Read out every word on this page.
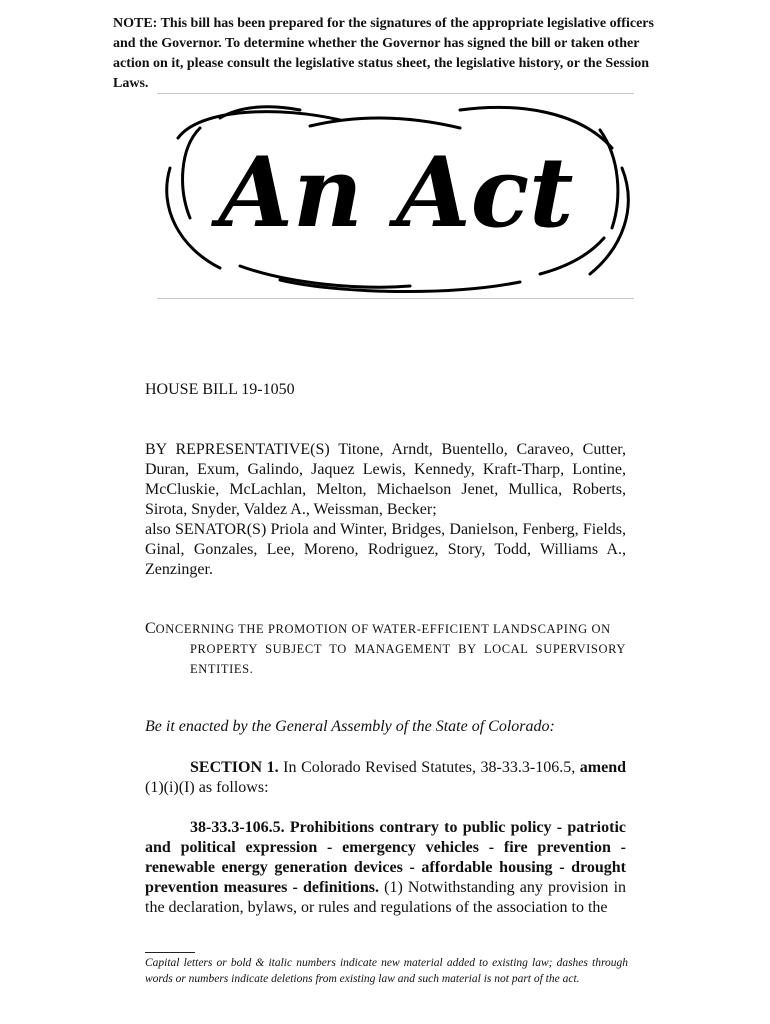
NOTE: This bill has been prepared for the signatures of the appropriate legislative officers and the Governor. To determine whether the Governor has signed the bill or taken other action on it, please consult the legislative status sheet, the legislative history, or the Session Laws.
An Act
HOUSE BILL 19-1050

BY REPRESENTATIVE(S) Titone, Arndt, Buentello, Caraveo, Cutter, Duran, Exum, Galindo, Jaquez Lewis, Kennedy, Kraft-Tharp, Lontine, McCluskie, McLachlan, Melton, Michaelson Jenet, Mullica, Roberts, Sirota, Snyder, Valdez A., Weissman, Becker;

also SENATOR(S) Priola and Winter, Bridges, Danielson, Fenberg, Fields, Ginal, Gonzales, Lee, Moreno, Rodriguez, Story, Todd, Williams A., Zenzinger.

CONCERNING THE PROMOTION OF WATER-EFFICIENT LANDSCAPING ON
PROPERTY SUBJECT TO MANAGEMENT BY LOCAL SUPERVISORY ENTITIES.
Be it enacted by the General Assembly of the State of Colorado:
SECTION 1. In Colorado Revised Statutes, 38-33.3-106.5, amend (1)(i)(I) as follows:
38-33.3-106.5. Prohibitions contrary to public policy - patriotic and political expression - emergency vehicles - fire prevention - renewable energy generation devices - affordable housing - drought prevention measures - definitions. (1) Notwithstanding any provision in the declaration, bylaws, or rules and regulations of the association to the
Capital letters or bold & italic numbers indicate new material added to existing law; dashes through words or numbers indicate deletions from existing law and such material is not part of the act.
